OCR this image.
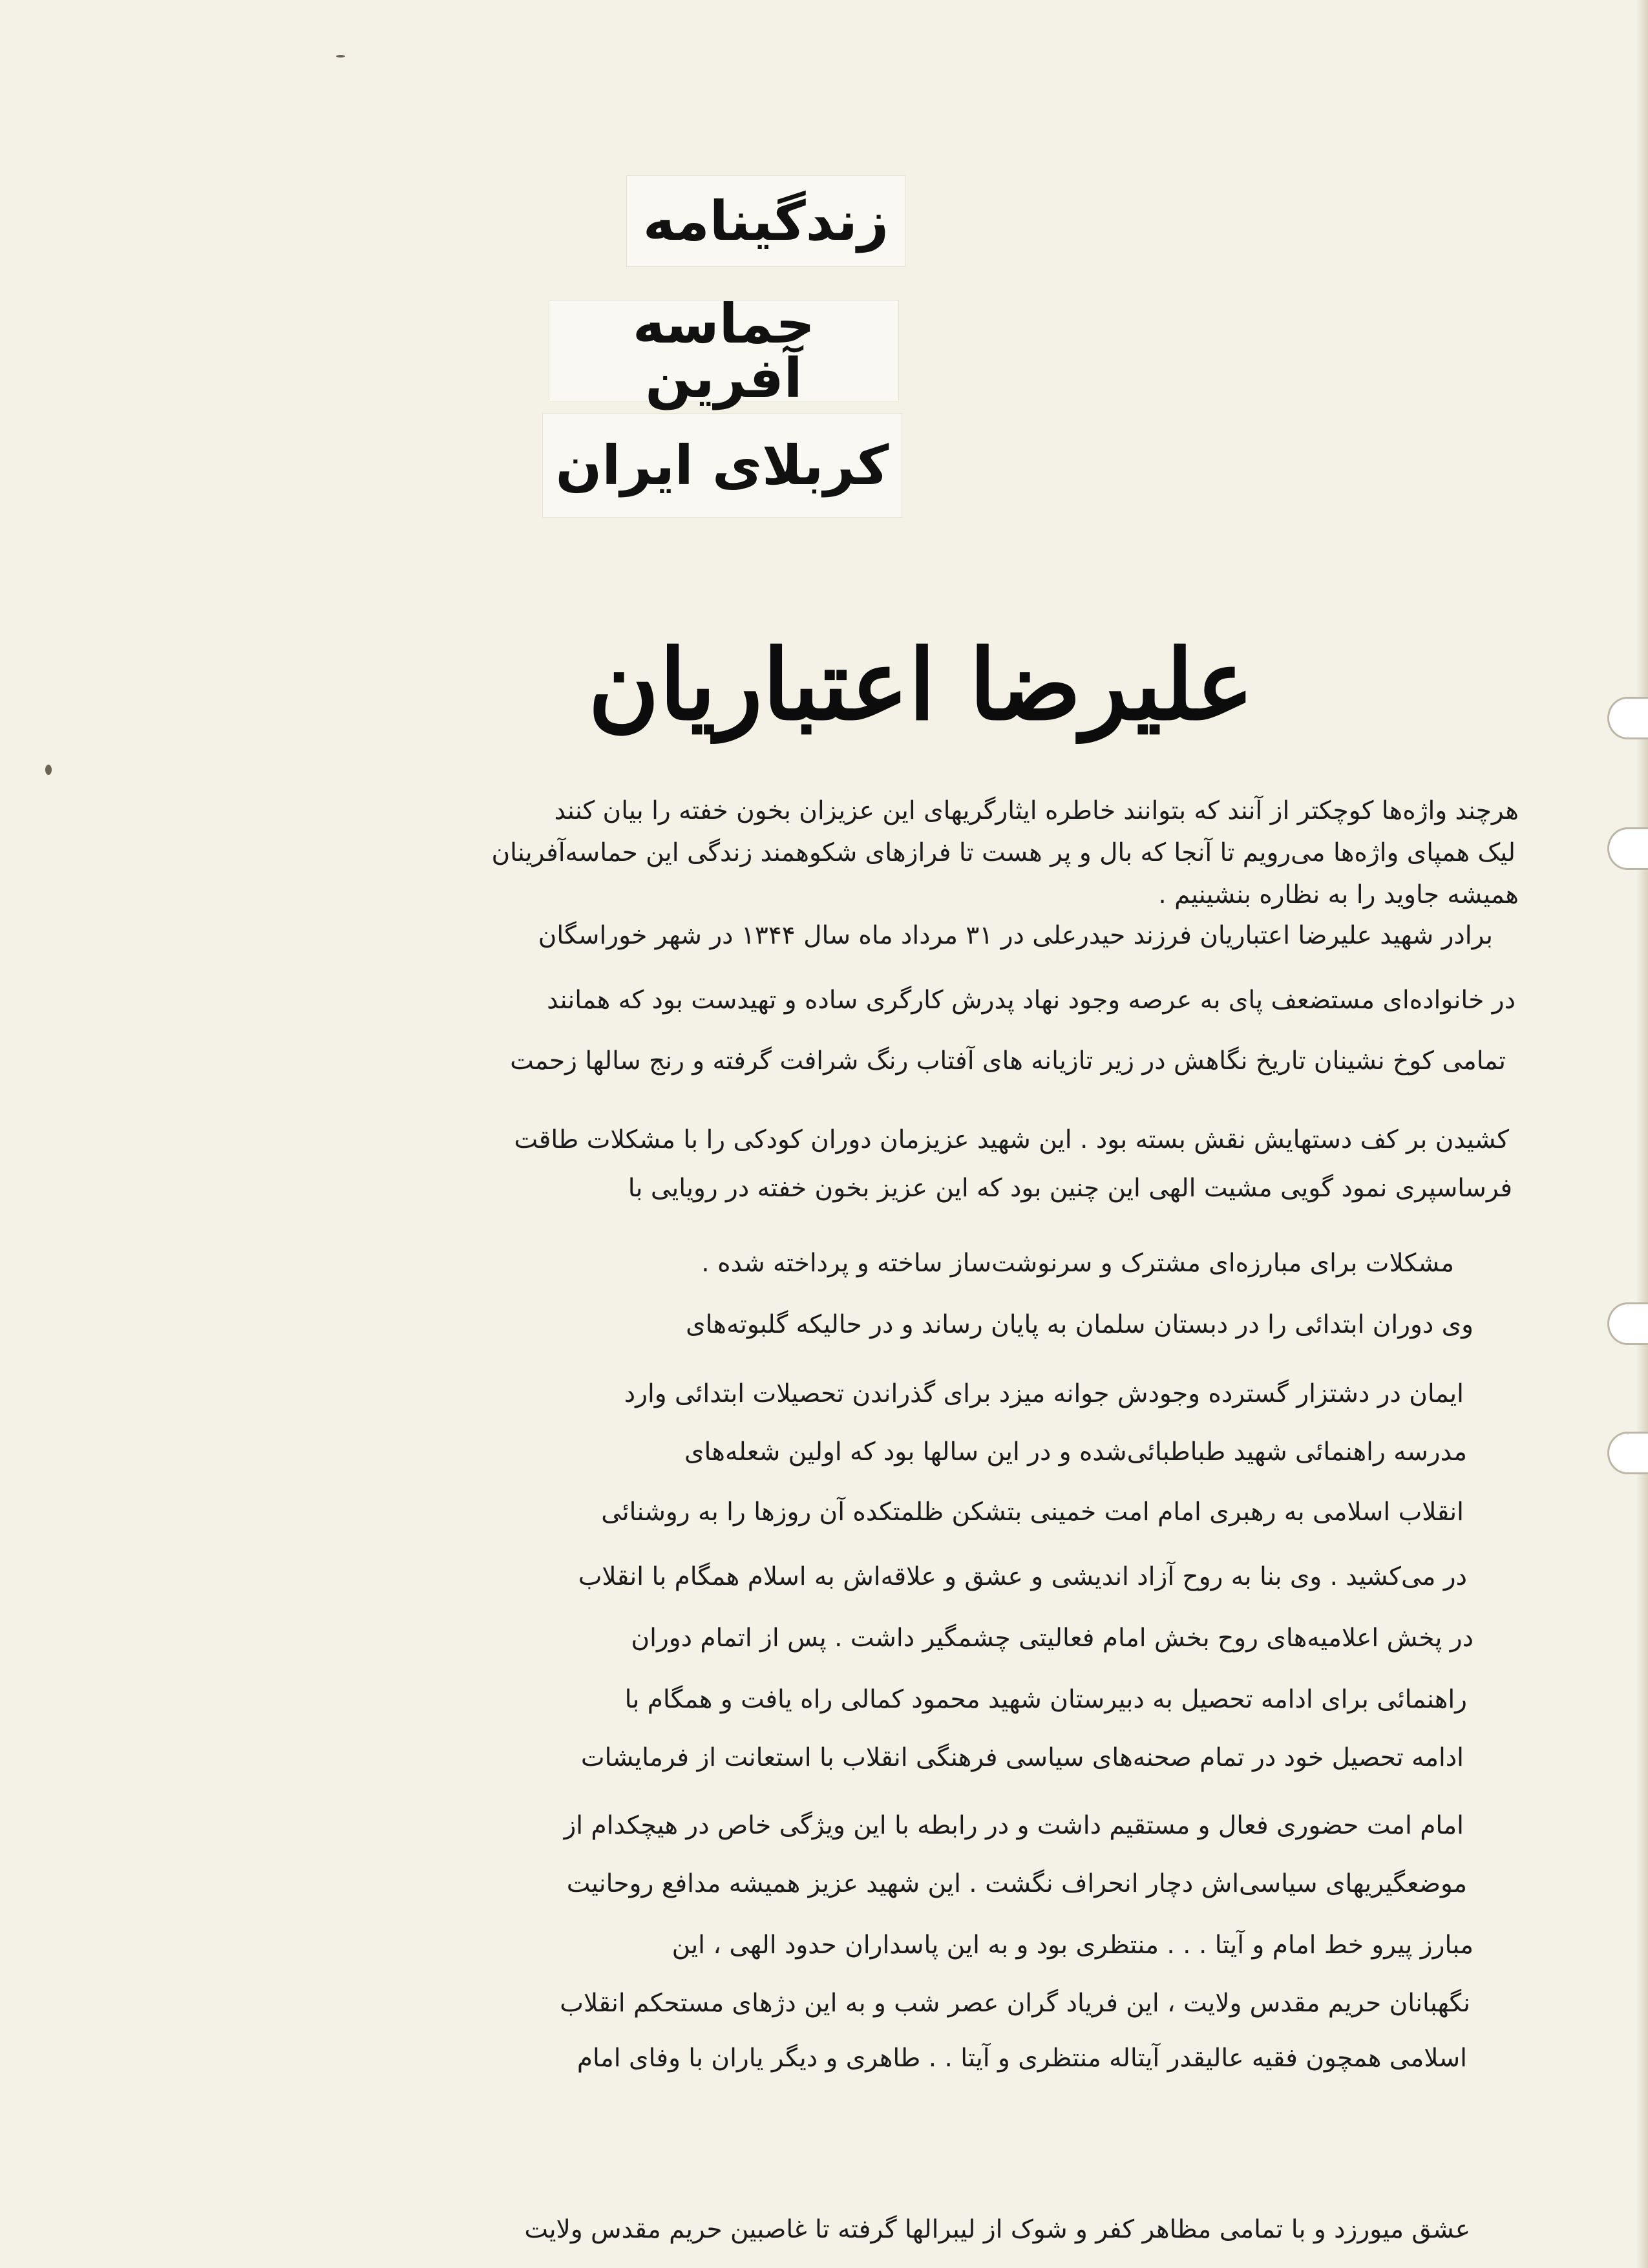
زندگینامه
حماسه آفرین
کربلای ایران
علیرضا اعتباریان
هرچند واژه‌ها کوچکتر از آنند که بتوانند خاطره ایثارگریهای این عزیزان بخون خفته را بیان کنند
لیک همپای واژه‌ها می‌رویم تا آنجا که بال و پر هست تا فرازهای شکوهمند زندگی این حماسه‌آفرینان
همیشه جاوید را به نظاره بنشینیم .
برادر شهید علیرضا اعتباریان فرزند حیدرعلی در ۳۱ مرداد ماه سال ۱۳۴۴ در شهر خوراسگان
در خانواده‌ای مستضعف پای به عرصه وجود نهاد پدرش کارگری ساده و تهیدست بود که همانند
تمامی کوخ نشینان تاریخ نگاهش در زیر تازیانه های آفتاب رنگ شرافت گرفته و رنج سالها زحمت
کشیدن بر کف دستهایش نقش بسته بود . این شهید عزیزمان دوران کودکی را با مشکلات طاقت
فرساسپری نمود گویی مشیت الهی این چنین بود که این عزیز بخون خفته در رویایی با
مشکلات برای مبارزه‌ای مشترک و سرنوشت‌ساز ساخته و پرداخته شده .
وی دوران ابتدائی را در دبستان سلمان به پایان رساند و در حالیکه گلبوته‌های
ایمان در دشتزار گسترده وجودش جوانه میزد برای گذراندن تحصیلات ابتدائی وارد
مدرسه راهنمائی شهید طباطبائی‌شده و در این سالها بود که اولین شعله‌های
انقلاب اسلامی به رهبری امام امت خمینی بتشکن ظلمتکده آن روزها را به روشنائی
در می‌کشید . وی بنا به روح آزاد اندیشی و عشق و علاقه‌اش به اسلام همگام با انقلاب
در پخش اعلامیه‌های روح بخش امام فعالیتی چشمگیر داشت . پس از اتمام دوران
راهنمائی برای ادامه تحصیل به دبیرستان شهید محمود کمالی راه یافت و همگام با
ادامه تحصیل خود در تمام صحنه‌های سیاسی فرهنگی انقلاب با استعانت از فرمایشات
امام امت حضوری فعال و مستقیم داشت و در رابطه با این ویژگی خاص در هیچکدام از
موضعگیریهای سیاسی‌اش دچار انحراف نگشت . این شهید عزیز همیشه مدافع روحانیت
مبارز پیرو خط امام و آیتا . . . منتظری بود و به این پاسداران حدود الهی ، این
نگهبانان حریم مقدس ولایت ، این فریاد گران عصر شب و به این دژهای مستحکم انقلاب
اسلامی همچون فقیه عالیقدر آیتاله منتظری و آیتا . . طاهری و دیگر یاران با وفای امام
عشق میورزد و با تمامی مظاهر کفر و شوک از لیبرالها گرفته تا غاصبین حریم مقدس ولایت
